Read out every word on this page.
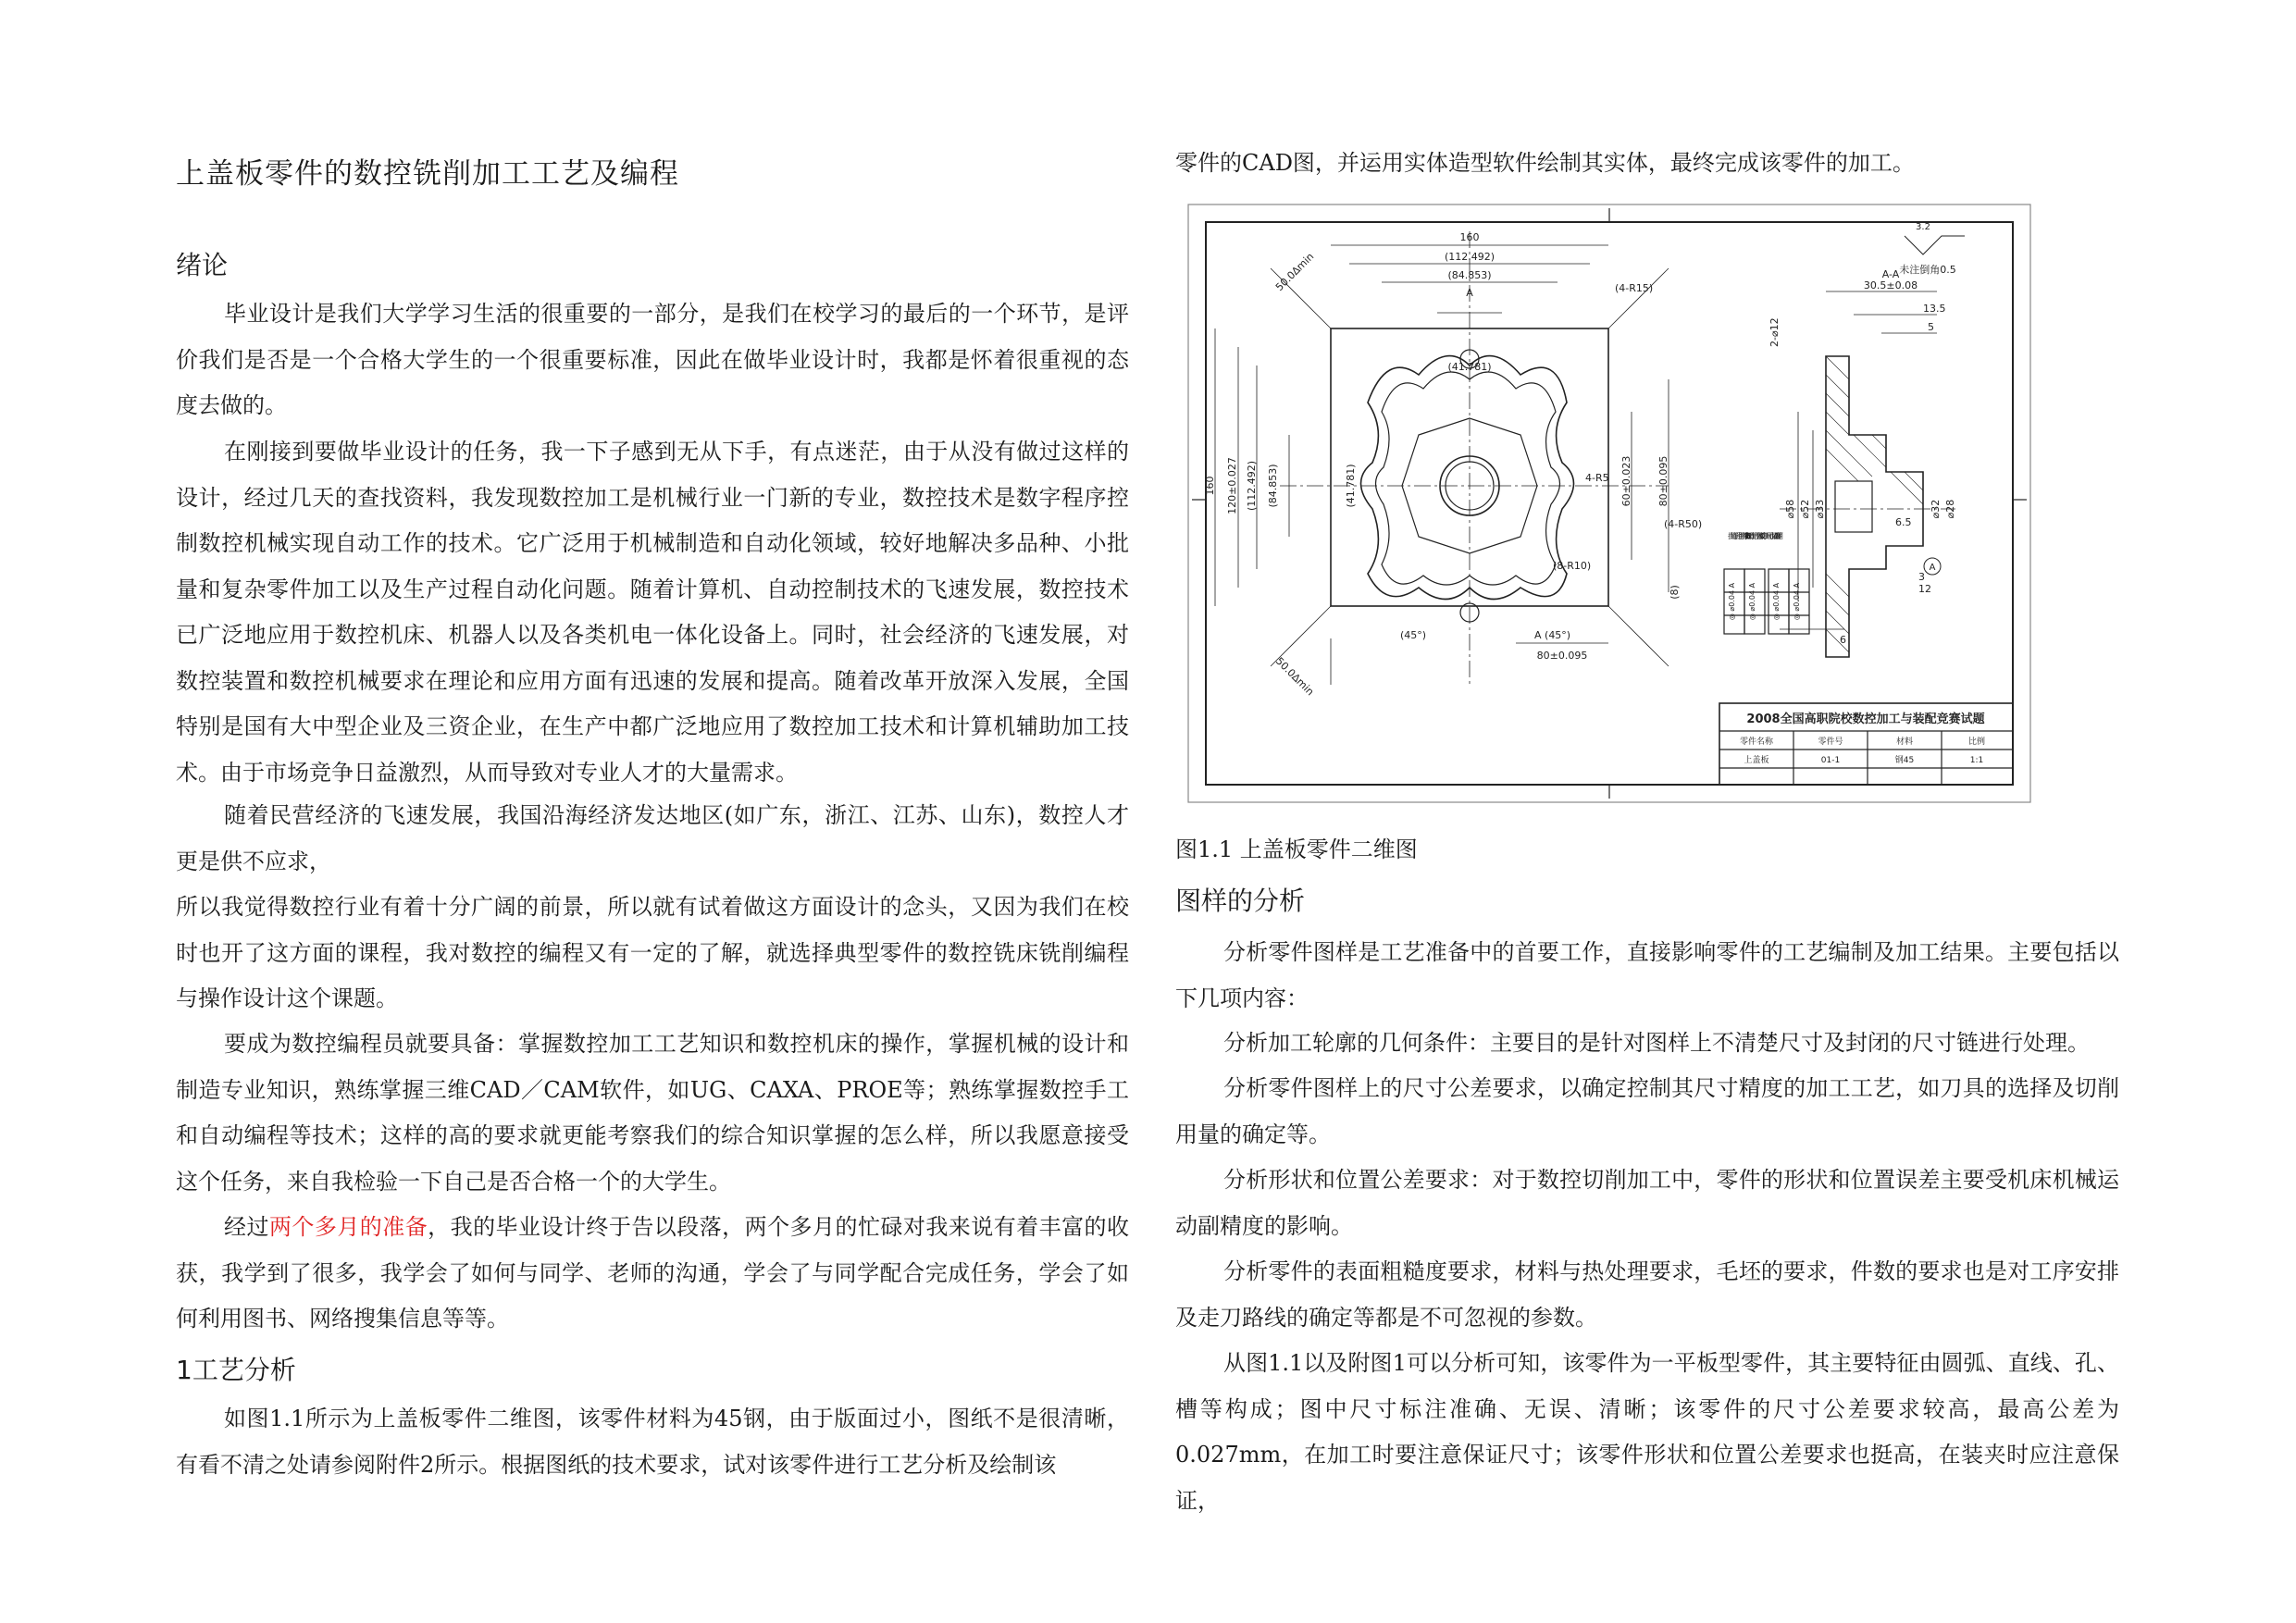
上盖板零件的数控铣削加工工艺及编程
绪论

毕业设计是我们大学学习生活的很重要的一部分，是我们在校学习的最后的一个环节，是评价我们是否是一个合格大学生的一个很重要标准，因此在做毕业设计时，我都是怀着很重视的态度去做的。

在刚接到要做毕业设计的任务，我一下子感到无从下手，有点迷茫，由于从没有做过这样的设计，经过几天的查找资料，我发现数控加工是机械行业一门新的专业，数控技术是数字程序控制数控机械实现自动工作的技术。它广泛用于机械制造和自动化领域，较好地解决多品种、小批量和复杂零件加工以及生产过程自动化问题。随着计算机、自动控制技术的飞速发展，数控技术已广泛地应用于数控机床、机器人以及各类机电一体化设备上。同时，社会经济的飞速发展，对数控装置和数控机械要求在理论和应用方面有迅速的发展和提高。随着改革开放深入发展，全国特别是国有大中型企业及三资企业，在生产中都广泛地应用了数控加工技术和计算机辅助加工技术。由于市场竞争日益激烈，从而导致对专业人才的大量需求。

随着民营经济的飞速发展，我国沿海经济发达地区(如广东，浙江、江苏、山东)，数控人才更是供不应求，

所以我觉得数控行业有着十分广阔的前景，所以就有试着做这方面设计的念头，又因为我们在校时也开了这方面的课程，我对数控的编程又有一定的了解，就选择典型零件的数控铣床铣削编程与操作设计这个课题。

要成为数控编程员就要具备：掌握数控加工工艺知识和数控机床的操作，掌握机械的设计和制造专业知识，熟练掌握三维CAD／CAM软件，如UG、CAXA、PROE等；熟练掌握数控手工和自动编程等技术；这样的高的要求就更能考察我们的综合知识掌握的怎么样，所以我愿意接受这个任务，来自我检验一下自己是否合格一个的大学生。

经过两个多月的准备，我的毕业设计终于告以段落，两个多月的忙碌对我来说有着丰富的收获，我学到了很多，我学会了如何与同学、老师的沟通，学会了与同学配合完成任务，学会了如何利用图书、网络搜集信息等等。

1工艺分析

如图1.1所示为上盖板零件二维图，该零件材料为45钢，由于版面过小，图纸不是很清晰，有看不清之处请参阅附件2所示。根据图纸的技术要求，试对该零件进行工艺分析及绘制该

零件的CAD图，并运用实体造型软件绘制其实体，最终完成该零件的加工。

图1.1 上盖板零件二维图
图样的分析

分析零件图样是工艺准备中的首要工作，直接影响零件的工艺编制及加工结果。主要包括以下几项内容：

分析加工轮廓的几何条件：主要目的是针对图样上不清楚尺寸及封闭的尺寸链进行处理。

分析零件图样上的尺寸公差要求，以确定控制其尺寸精度的加工工艺，如刀具的选择及切削用量的确定等。

分析形状和位置公差要求：对于数控切削加工中，零件的形状和位置误差主要受机床机械运动副精度的影响。

分析零件的表面粗糙度要求，材料与热处理要求，毛坯的要求，件数的要求也是对工序安排及走刀路线的确定等都是不可忽视的参数。

从图1.1以及附图1可以分析可知，该零件为一平板型零件，其主要特征由圆弧、直线、孔、槽等构成；图中尺寸标注准确、无误、清晰；该零件的尺寸公差要求较高，最高公差为0.027mm，在加工时要注意保证尺寸；该零件形状和位置公差要求也挺高，在装夹时应注意保证，

160
(112.492)
(84.853)
A
(41.781)
(4-R15)
4-R5
(4-R50)
(8-R10)
60±0.023 80±0.095
80±0.095
160 120±0.027 (112.492) (84.853)	(41.781)
50.0∆min
50.0∆min
(45°)	A (45°)
(8)
A-A
30.5±0.08
13.5
5
2-⌀12
⌀58 ⌀52 ⌀33
6.5
⌀32 ⌀28
12
3
A
6
3.2
未注倒角0.5
拔销子后进行同镗宽6H11和尺寸配磨上盖板0的四周尺寸保证公差 1周围
◎ ⌀0.04 A ◎ ⌀0.04 A ◎ ⌀0.04 A ◎ ⌀0.04 A
2008全国高职院校数控加工与装配竞赛试题
零件名称	零件号	材料	比例
上盖板	01-1	钢45	1:1
